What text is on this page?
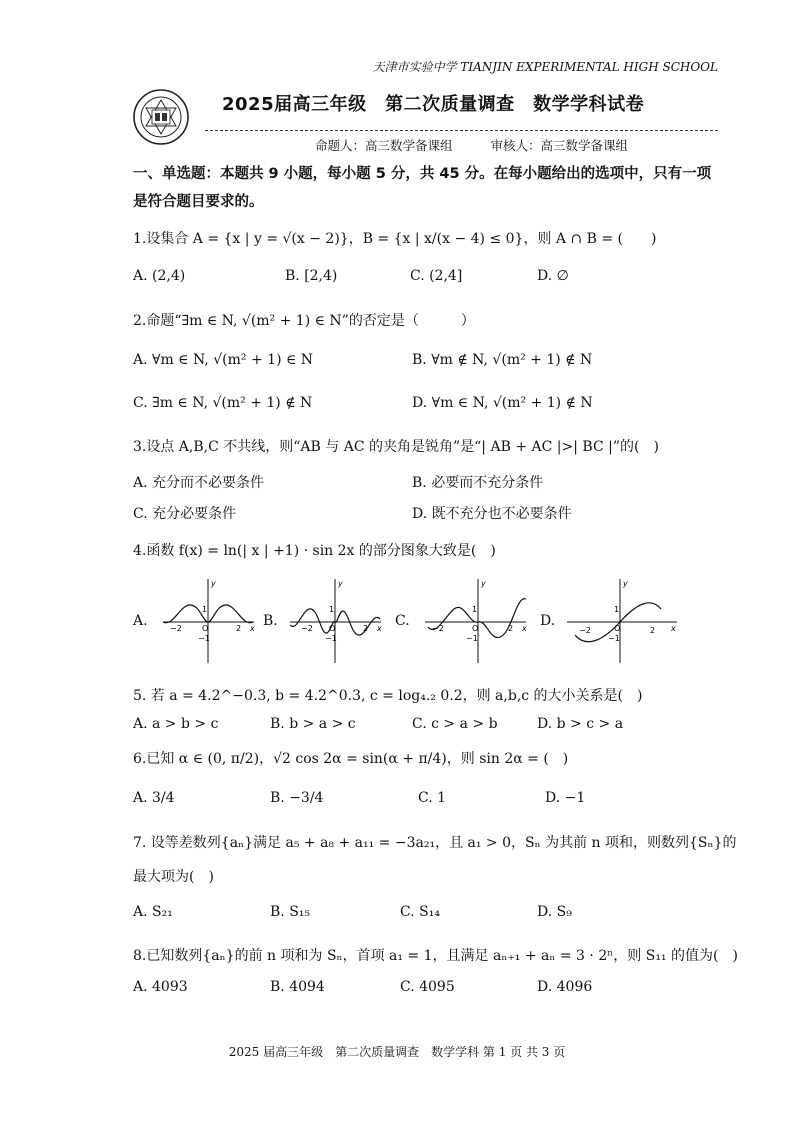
天津市实验中学 TIANJIN EXPERIMENTAL HIGH SCHOOL
2025届高三年级　第二次质量调查　数学学科试卷
命题人：高三数学备课组	审核人：高三数学备课组
一、单选题：本题共 9 小题，每小题 5 分，共 45 分。在每小题给出的选项中，只有一项是符合题目要求的。
1.设集合 A = {x | y = √(x − 2)}，B = {x | x/(x − 4) ≤ 0}，则 A ∩ B = (　　)
A. (2,4)	B. [2,4)	C. (2,4]	D. ∅
2.命题“∃m ∈ N, √(m² + 1) ∈ N”的否定是（　　　）
A. ∀m ∈ N, √(m² + 1) ∈ N	B. ∀m ∉ N, √(m² + 1) ∉ N
C. ∃m ∈ N, √(m² + 1) ∉ N	D. ∀m ∈ N, √(m² + 1) ∉ N
3.设点 A,B,C 不共线，则“AB 与 AC 的夹角是锐角”是“| AB + AC |>| BC |”的(　)
A. 充分而不必要条件	B. 必要而不充分条件
C. 充分必要条件	D. 既不充分也不必要条件
4.函数 f(x) = ln(| x | +1) · sin 2x 的部分图象大致是(　)
A.	B.	C.	D.
y
x
O
1
−1
2
−2
y
x
O
1
−1
2
−2
y
x
O
1
−1
2
−2
y
x
O
1
−1
2
−2
5. 若 a = 4.2^−0.3, b = 4.2^0.3, c = log₄.₂ 0.2，则 a,b,c 的大小关系是(　)
A. a > b > c	B. b > a > c	C. c > a > b	D. b > c > a
6.已知 α ∈ (0, π/2)，√2 cos 2α = sin(α + π/4)，则 sin 2α = (　)
A. 3/4	B. −3/4	C. 1	D. −1
7. 设等差数列{aₙ}满足 a₅ + a₈ + a₁₁ = −3a₂₁，且 a₁ > 0，Sₙ 为其前 n 项和，则数列{Sₙ}的
最大项为(　)
A. S₂₁	B. S₁₅	C. S₁₄	D. S₉
8.已知数列{aₙ}的前 n 项和为 Sₙ，首项 a₁ = 1，且满足 aₙ₊₁ + aₙ = 3 · 2ⁿ，则 S₁₁ 的值为(　)
A. 4093	B. 4094	C. 4095	D. 4096
2025 届高三年级　第二次质量调查　数学学科 第 1 页 共 3 页
